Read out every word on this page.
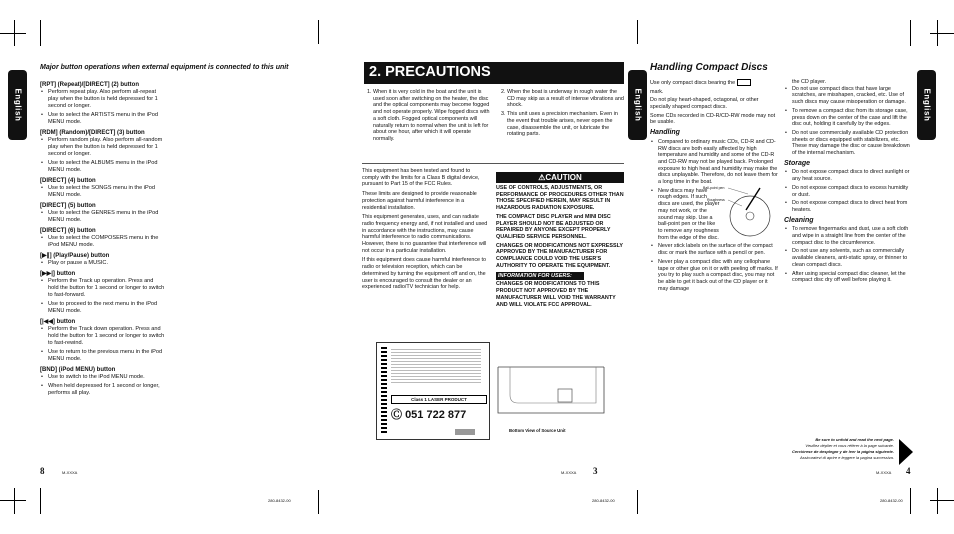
Major button operations when external equipment is connected to this unit
English
[RPT] (Repeat)/[DIRECT] (2) button
• Perform repeat play. Also perform all-repeat play when the button is held depressed for 1 second or longer.
• Use to select the ARTISTS menu in the iPod MENU mode.
[RDM] (Random)/[DIRECT] (3) button
• Perform random play. Also perform all-random play when the button is held depressed for 1 second or longer.
• Use to select the ALBUMS menu in the iPod MENU mode.
[DIRECT] (4) button
• Use to select the SONGS menu in the iPod MENU mode.
[DIRECT] (5) button
• Use to select the GENRES menu in the iPod MENU mode.
[DIRECT] (6) button
• Use to select the COMPOSERS menu in the iPod MENU mode.
[▶∥] (Play/Pause) button
• Play or pause a MUSIC.
[▶▶|] button
• Perform the Track up operation. Press and hold the button for 1 second or longer to switch to fast-forward.
• Use to proceed to the next menu in the iPod MENU mode.
[|◀◀] button
• Perform the Track down operation. Press and hold the button for 1 second or longer to switch to fast-rewind.
• Use to return to the previous menu in the iPod MENU mode.
[BND] (iPod MENU) button
• Use to switch to the iPod MENU mode.
• When held depressed for 1 second or longer, performs all play.
8	M-XXXA
280-8432-00
2. PRECAUTIONS
1. When it is very cold in the boat and the unit is used soon after switching on the heater, the disc and the optical components may become fogged and not operate properly. Wipe fogged discs with a soft cloth. Fogged optical components will naturally return to normal when the unit is left for about one hour, after which it will operate normally.
2. When the boat is underway in rough water the CD may skip as a result of intense vibrations and shock.
3. This unit uses a precision mechanism. Even in the event that trouble arises, never open the case, disassemble the unit, or lubricate the rotating parts.
This equipment has been tested and found to comply with the limits for a Class B digital device, pursuant to Part 15 of the FCC Rules.
These limits are designed to provide reasonable protection against harmful interference in a residential installation.
This equipment generates, uses, and can radiate radio frequency energy and, if not installed and used in accordance with the instructions, may cause harmful interference to radio communications. However, there is no guarantee that interference will not occur in a particular installation.
If this equipment does cause harmful interference to radio or television reception, which can be determined by turning the equipment off and on, the user is encouraged to consult the dealer or an experienced radio/TV technician for help.
⚠CAUTION
USE OF CONTROLS, ADJUSTMENTS, OR PERFORMANCE OF PROCEDURES OTHER THAN THOSE SPECIFIED HEREIN, MAY RESULT IN HAZARDOUS RADIATION EXPOSURE.
THE COMPACT DISC PLAYER and MINI DISC PLAYER SHOULD NOT BE ADJUSTED OR REPAIRED BY ANYONE EXCEPT PROPERLY QUALIFIED SERVICE PERSONNEL.
CHANGES OR MODIFICATIONS NOT EXPRESSLY APPROVED BY THE MANUFACTURER FOR COMPLIANCE COULD VOID THE USER'S AUTHORITY TO OPERATE THE EQUIPMENT.
INFORMATION FOR USERS:
CHANGES OR MODIFICATIONS TO THIS PRODUCT NOT APPROVED BY THE MANUFACTURER WILL VOID THE WARRANTY AND WILL VIOLATE FCC APPROVAL.
Class 1 LASER PRODUCT
Ⓒ 051 722 877
Bottom View of Source Unit
3
M-XXXA
280-8432-00
English	English
Handling Compact Discs
Use only compact discs bearing the
mark.
Do not play heart-shaped, octagonal, or other specially shaped compact discs.
Some CDs recorded in CD-R/CD-RW mode may not be usable.
Handling
• Compared to ordinary music CDs, CD-R and CD-RW discs are both easily affected by high temperature and humidity and some of the CD-R and CD-RW may not be played back. Prolonged exposure to high heat and humidity may make the discs unplayable. Therefore, do not leave them for a long time in the boat.
• New discs may have rough edges. If such discs are used, the player may not work, or the sound may skip. Use a ball-point pen or the like to remove any roughness from the edge of the disc.
• Never stick labels on the surface of the compact disc or mark the surface with a pencil or pen.
• Never play a compact disc with any cellophane tape or other glue on it or with peeling off marks. If you try to play such a compact disc, you may not be able to get it back out of the CD player or it may damage
Ball-point pen
Roughness
the CD player.
• Do not use compact discs that have large scratches, are misshapen, cracked, etc. Use of such discs may cause misoperation or damage.
• To remove a compact disc from its storage case, press down on the center of the case and lift the disc out, holding it carefully by the edges.
• Do not use commercially available CD protection sheets or discs equipped with stabilizers, etc. These may damage the disc or cause breakdown of the internal mechanism.
Storage
• Do not expose compact discs to direct sunlight or any heat source.
• Do not expose compact discs to excess humidity or dust.
• Do not expose compact discs to direct heat from heaters.
Cleaning
• To remove fingermarks and dust, use a soft cloth and wipe in a straight line from the center of the compact disc to the circumference.
• Do not use any solvents, such as commercially available cleaners, anti-static spray, or thinner to clean compact discs.
• After using special compact disc cleaner, let the compact disc dry off well before playing it.
Be sure to unfold and read the next page.
Veuillez déplier et vous référer à la page suivante.
Cerciórese de desplegar y de leer la página siguiente.
Assicuratevi di aprire e leggere la pagina successiva.
4
M-XXXA
280-8432-00
